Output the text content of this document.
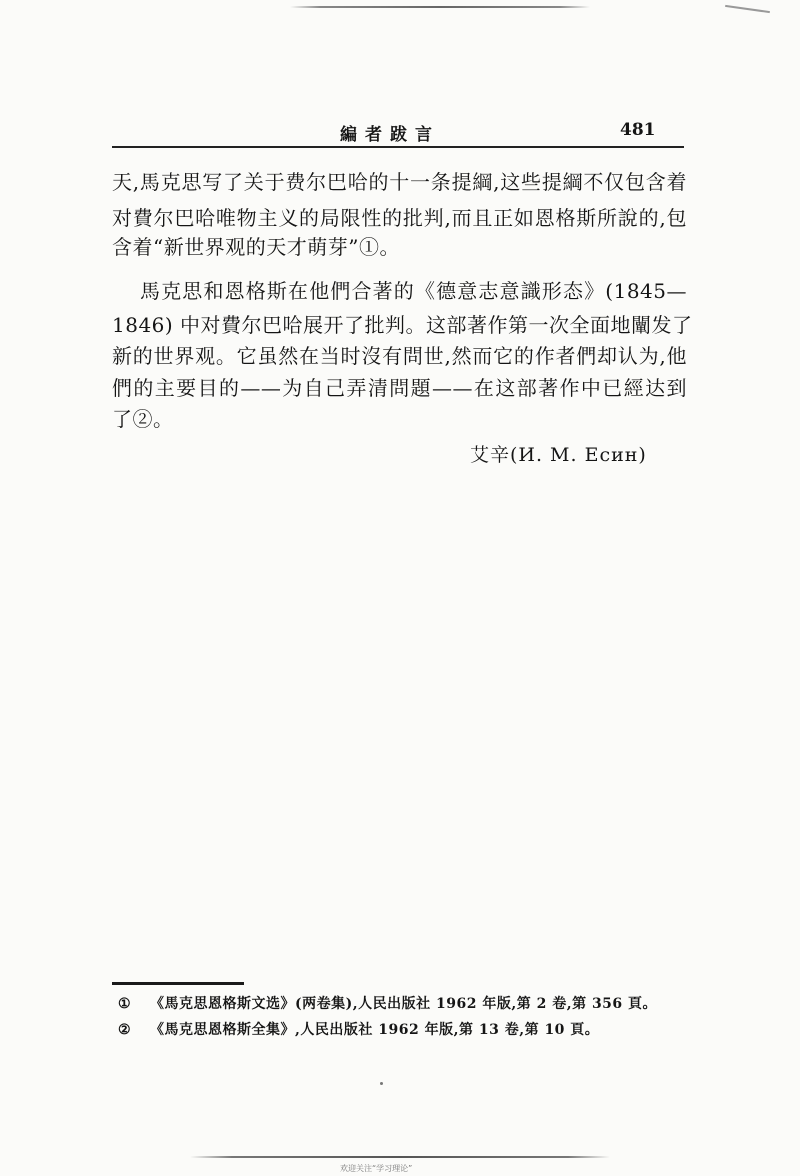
編者跋言	481
天,馬克思写了关于费尔巴哈的十一条提綱,这些提綱不仅包含着
对費尔巴哈唯物主义的局限性的批判,而且正如恩格斯所說的,包
含着“新世界观的天才萌芽”①。
馬克思和恩格斯在他們合著的《德意志意識形态》(1845—
1846) 中对費尔巴哈展开了批判。这部著作第一次全面地闡发了
新的世界观。它虽然在当时沒有問世,然而它的作者們却认为,他
們的主要目的——为自己弄清問題——在这部著作中已經达到
了②。
艾辛(И. М. Есин)
① 《馬克思恩格斯文选》(两卷集),人民出版社 1962 年版,第 2 卷,第 356 頁。
② 《馬克思恩格斯全集》,人民出版社 1962 年版,第 13 卷,第 10 頁。
欢迎关注“学习理论”
